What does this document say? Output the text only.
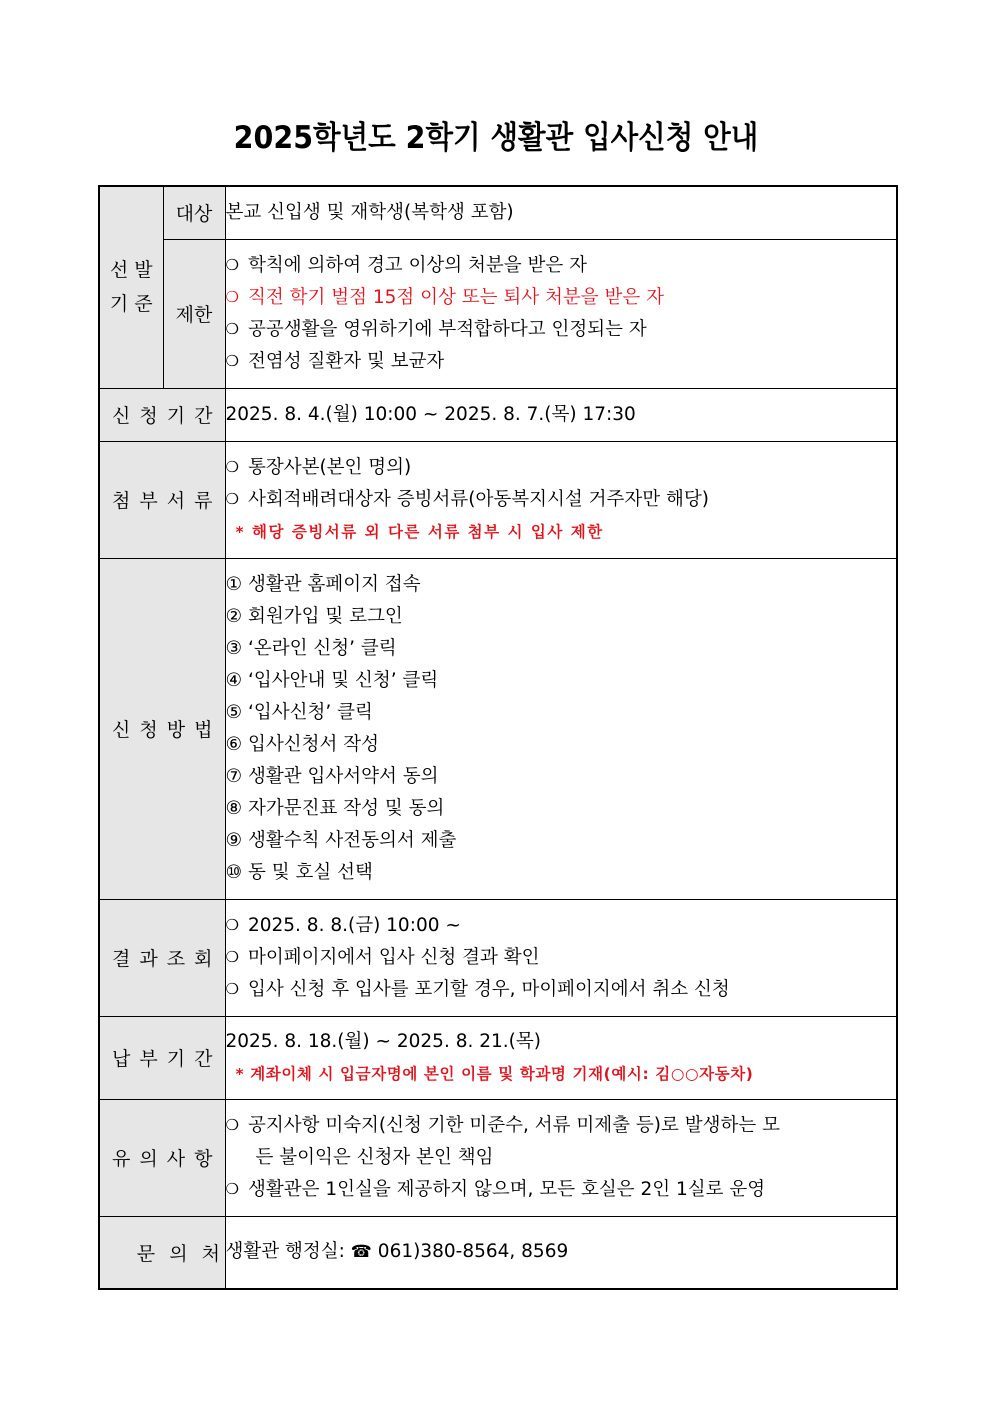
2025학년도 2학기 생활관 입사신청 안내
선 발
기 준	대상	본교 신입생 및 재학생(복학생 포함)
	제한	❍ 학칙에 의하여 경고 이상의 처분을 받은 자
❍ 직전 학기 벌점 15점 이상 또는 퇴사 처분을 받은 자
❍ 공공생활을 영위하기에 부적합하다고 인정되는 자
❍ 전염성 질환자 및 보균자

신청기간		2025. 8. 4.(월) 10:00 ~ 2025. 8. 7.(목) 17:30
첨부서류		❍ 통장사본(본인 명의)
❍ 사회적배려대상자 증빙서류(아동복지시설 거주자만 해당)
* 해당 증빙서류 외 다른 서류 첨부 시 입사 제한

신청방법	
① 생활관 홈페이지 접속
② 회원가입 및 로그인
③ ‘온라인 신청’ 클릭
④ ‘입사안내 및 신청’ 클릭
⑤ ‘입사신청’ 클릭
⑥ 입사신청서 작성
⑦ 생활관 입사서약서 동의
⑧ 자가문진표 작성 및 동의
⑨ 생활수칙 사전동의서 제출
⑩ 동 및 호실 선택

결과조회		❍ 2025. 8. 8.(금) 10:00 ~
❍ 마이페이지에서 입사 신청 결과 확인
❍ 입사 신청 후 입사를 포기할 경우, 마이페이지에서 취소 신청

납부기간		2025. 8. 18.(월) ~ 2025. 8. 21.(목)
* 계좌이체 시 입금자명에 본인 이름 및 학과명 기재(예시: 김○○자동차)

유의사항		❍ 공지사항 미숙지(신청 기한 미준수, 서류 미제출 등)로 발생하는 모
든 불이익은 신청자 본인 책임
❍ 생활관은 1인실을 제공하지 않으며, 모든 호실은 2인 1실로 운영

문 의 처		생활관 행정실: ☎ 061)380-8564, 8569
